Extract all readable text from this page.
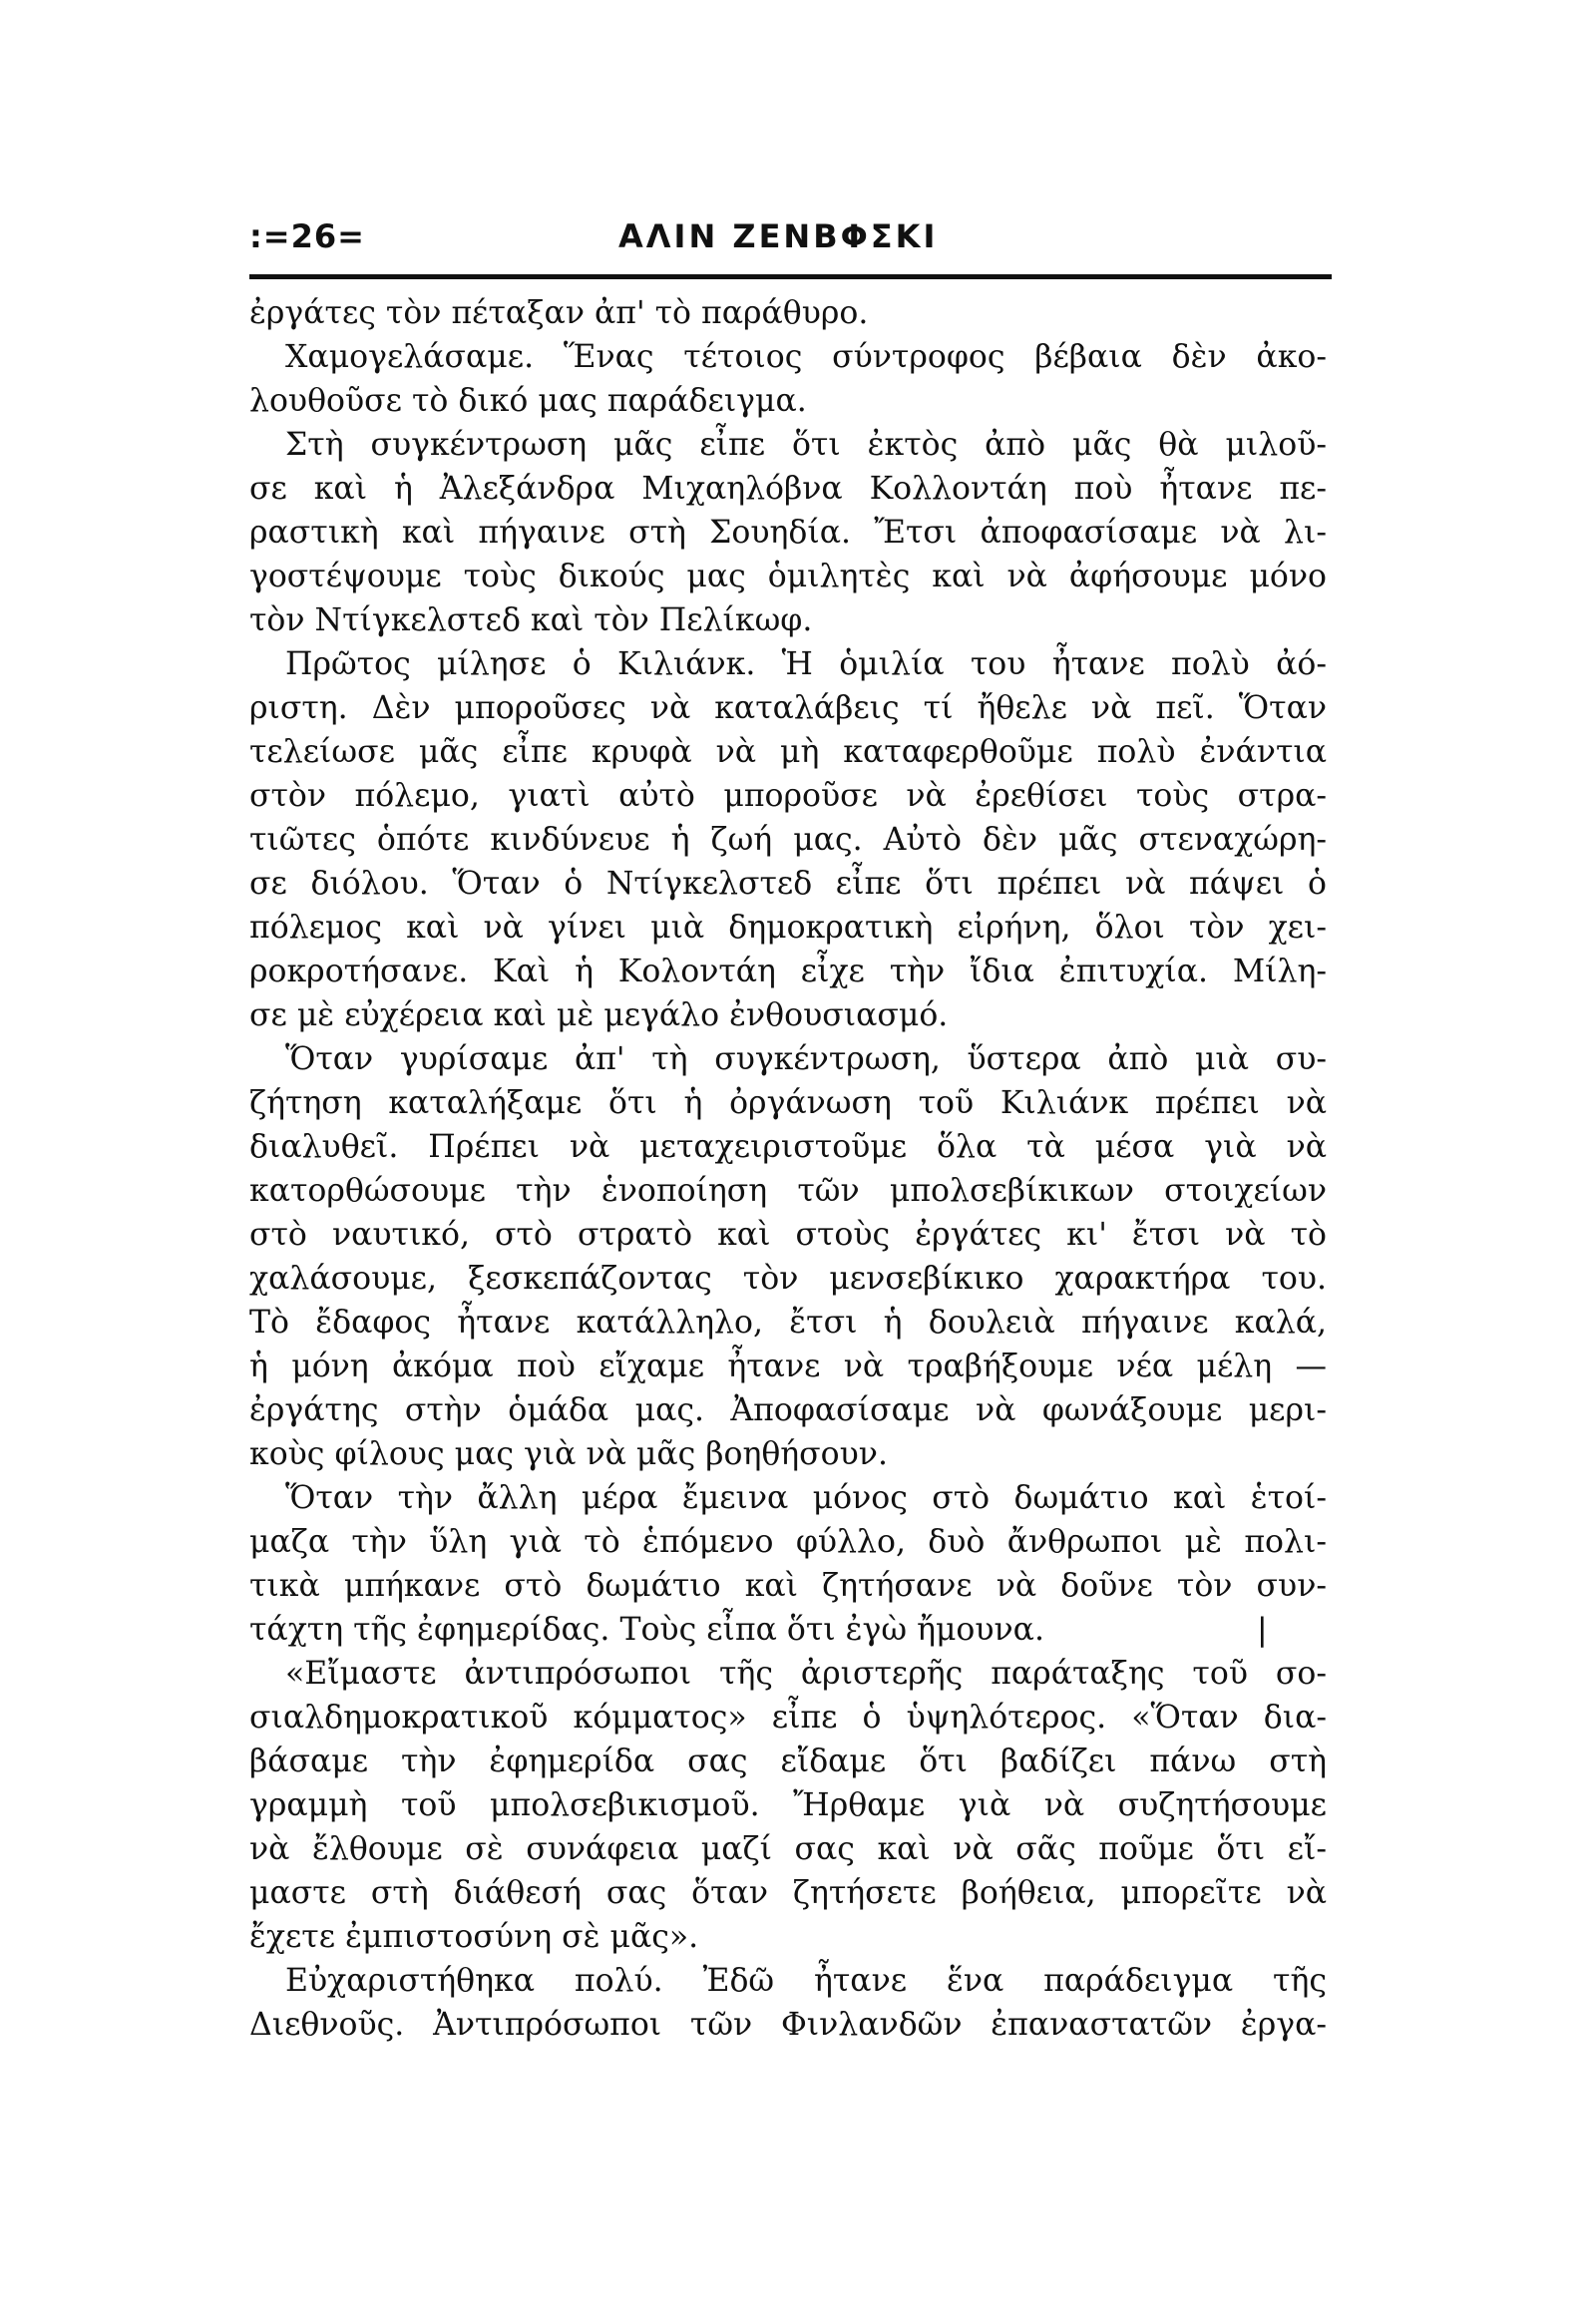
:=26=	ΑΛΙΝ ΖΕΝΒΦΣΚΙ
ἐργάτες τὸν πέταξαν ἀπ' τὸ παράθυρο.
Χαμογελάσαμε. Ἕνας τέτοιος σύντροφος βέβαια δὲν ἀκο-
λουθοῦσε τὸ δικό μας παράδειγμα.
Στὴ συγκέντρωση μᾶς εἶπε ὅτι ἐκτὸς ἀπὸ μᾶς θὰ μιλοῦ-
σε καὶ ἡ Ἀλεξάνδρα Μιχαηλόβνα Κολλοντάη ποὺ ἦτανε πε-
ραστικὴ καὶ πήγαινε στὴ Σουηδία. Ἔτσι ἀποφασίσαμε νὰ λι-
γοστέψουμε τοὺς δικούς μας ὁμιλητὲς καὶ νὰ ἀφήσουμε μόνο
τὸν Ντίγκελστεδ καὶ τὸν Πελίκωφ.
Πρῶτος μίλησε ὁ Κιλιάνκ. Ἡ ὁμιλία του ἦτανε πολὺ ἀό-
ριστη. Δὲν μποροῦσες νὰ καταλάβεις τί ἤθελε νὰ πεῖ. Ὅταν
τελείωσε μᾶς εἶπε κρυφὰ νὰ μὴ καταφερθοῦμε πολὺ ἐνάντια
στὸν πόλεμο, γιατὶ αὐτὸ μποροῦσε νὰ ἐρεθίσει τοὺς στρα-
τιῶτες ὁπότε κινδύνευε ἡ ζωή μας. Αὐτὸ δὲν μᾶς στεναχώρη-
σε διόλου. Ὅταν ὁ Ντίγκελστεδ εἶπε ὅτι πρέπει νὰ πάψει ὁ
πόλεμος καὶ νὰ γίνει μιὰ δημοκρατικὴ εἰρήνη, ὅλοι τὸν χει-
ροκροτήσανε. Καὶ ἡ Κολοντάη εἶχε τὴν ἴδια ἐπιτυχία. Μίλη-
σε μὲ εὐχέρεια καὶ μὲ μεγάλο ἐνθουσιασμό.
Ὅταν γυρίσαμε ἀπ' τὴ συγκέντρωση, ὕστερα ἀπὸ μιὰ συ-
ζήτηση καταλήξαμε ὅτι ἡ ὀργάνωση τοῦ Κιλιάνκ πρέπει νὰ
διαλυθεῖ. Πρέπει νὰ μεταχειριστοῦμε ὅλα τὰ μέσα γιὰ νὰ
κατορθώσουμε τὴν ἑνοποίηση τῶν μπολσεβίκικων στοιχείων
στὸ ναυτικό, στὸ στρατὸ καὶ στοὺς ἐργάτες κι' ἔτσι νὰ τὸ
χαλάσουμε, ξεσκεπάζοντας τὸν μενσεβίκικο χαρακτήρα του.
Τὸ ἔδαφος ἦτανε κατάλληλο, ἔτσι ἡ δουλειὰ πήγαινε καλά,
ἡ μόνη ἀκόμα ποὺ εἴχαμε ἦτανε νὰ τραβήξουμε νέα μέλη —
ἐργάτης στὴν ὁμάδα μας. Ἀποφασίσαμε νὰ φωνάξουμε μερι-
κοὺς φίλους μας γιὰ νὰ μᾶς βοηθήσουν.
Ὅταν τὴν ἄλλη μέρα ἔμεινα μόνος στὸ δωμάτιο καὶ ἑτοί-
μαζα τὴν ὕλη γιὰ τὸ ἑπόμενο φύλλο, δυὸ ἄνθρωποι μὲ πολι-
τικὰ μπήκανε στὸ δωμάτιο καὶ ζητήσανε νὰ δοῦνε τὸν συν-
τάχτη τῆς ἐφημερίδας. Τοὺς εἶπα ὅτι ἐγὼ ἤμουνα.	|
«Εἴμαστε ἀντιπρόσωποι τῆς ἀριστερῆς παράταξης τοῦ σο-
σιαλδημοκρατικοῦ κόμματος» εἶπε ὁ ὑψηλότερος. «Ὅταν δια-
βάσαμε τὴν ἐφημερίδα σας εἴδαμε ὅτι βαδίζει πάνω στὴ
γραμμὴ τοῦ μπολσεβικισμοῦ. Ἤρθαμε γιὰ νὰ συζητήσουμε
νὰ ἔλθουμε σὲ συνάφεια μαζί σας καὶ νὰ σᾶς ποῦμε ὅτι εἴ-
μαστε στὴ διάθεσή σας ὅταν ζητήσετε βοήθεια, μπορεῖτε νὰ
ἔχετε ἐμπιστοσύνη σὲ μᾶς».
Εὐχαριστήθηκα πολύ. Ἐδῶ ἦτανε ἕνα παράδειγμα τῆς
Διεθνοῦς. Ἀντιπρόσωποι τῶν Φινλανδῶν ἐπαναστατῶν ἐργα-
